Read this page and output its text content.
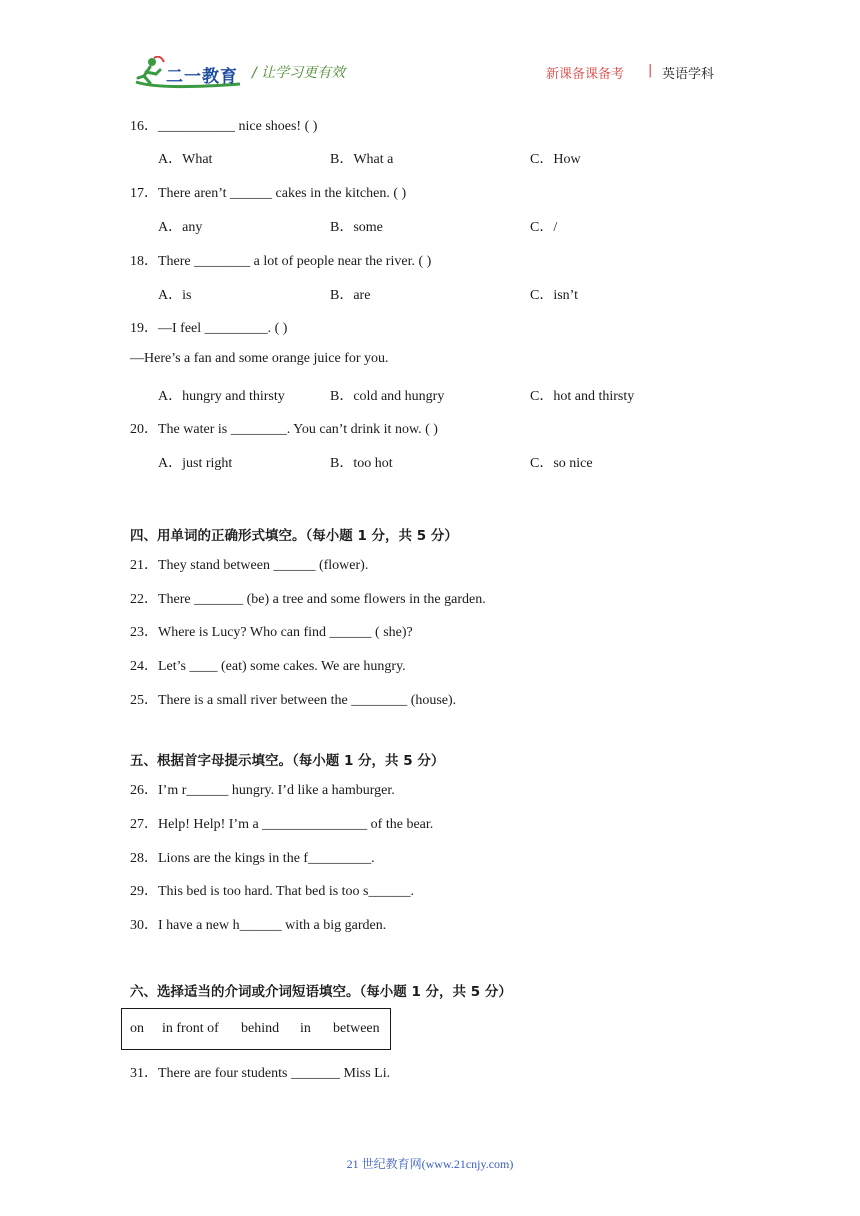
二一教育 / 让学习更有效	新课备课备考 | 英语学科
16．___________ nice shoes! ( )
A．What	B．What a	C．How
17．There aren’t ______ cakes in the kitchen. ( )
A．any	B．some	C．/
18．There ________ a lot of people near the river. ( )
A．is	B．are	C．isn’t
19．—I feel _________. ( )
—Here’s a fan and some orange juice for you.
A．hungry and thirsty	B．cold and hungry	C．hot and thirsty
20．The water is ________. You can’t drink it now. ( )
A．just right	B．too hot	C．so nice
四、用单词的正确形式填空。（每小题 1 分，共 5 分）
21．They stand between ______ (flower).
22．There _______ (be) a tree and some flowers in the garden.
23．Where is Lucy? Who can find ______ ( she)?
24．Let’s ____ (eat) some cakes. We are hungry.
25．There is a small river between the ________ (house).
五、根据首字母提示填空。（每小题 1 分，共 5 分）
26．I’m r______ hungry. I’d like a hamburger.
27．Help! Help! I’m a _______________ of the bear.
28．Lions are the kings in the f_________.
29．This bed is too hard. That bed is too s______.
30．I have a new h______ with a big garden.
六、选择适当的介词或介词短语填空。（每小题 1 分，共 5 分）
on in front of behind in between
31．There are four students _______ Miss Li.
21 世纪教育网(www.21cnjy.com)
